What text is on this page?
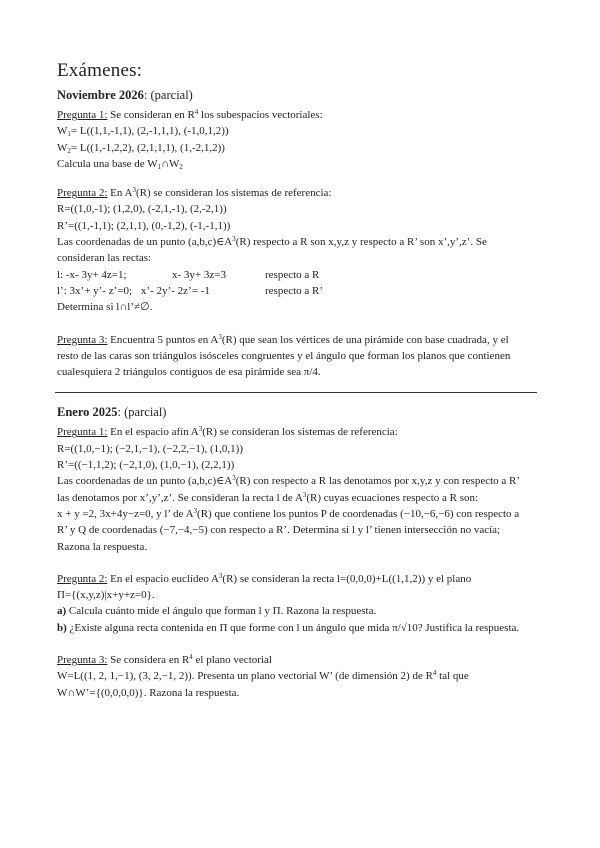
Exámenes:

Noviembre 2026: (parcial)

Pregunta 1: Se consideran en $R^4$ los subespacios vectoriales:

$W_1= L((1,1,-1,1)$, (2,-1,1,1), (-1,0,1,2))

$W_2= L((1,-1,2,2)$, (2,1,1,1), (1,-2,1,2))

Calcula una base de $W_1\cap W_2$

Pregunta 2: En $A^3(R)$ se consideran los sistemas de referencia:

R=((1,0,-1); (1,2,0), (-2,1,-1), (2,-2,1))

R’=((1,-1,1); (2,1,1), (0,-1,2), (-1,-1,1))

Las coordenadas de un punto $(a,b,c)\in A^3(R)$ respecto a R son x,y,z y respecto a R’ son x’,y’,z’. Se

consideran las rectas:

l: -x- 3y+ 4z=1;	x- 3y+ 3z=3	respecto a R

l’: 3x’+ y’- z’=0; x’- 2y’- 2z’= -1	respecto a R’

Determina si l∩l’≠∅.

Pregunta 3: Encuentra 5 puntos en $A^3(R)$ que sean los vértices de una pirámide con base cuadrada, y el

resto de las caras son triángulos isósceles congruentes y el ángulo que forman los planos que contienen

cualesquiera 2 triángulos contiguos de esa pirámide sea π/4.

Enero 2025: (parcial)

Pregunta 1: En el espacio afín $A^3(R)$ se consideran los sistemas de referencia:

R=((1,0,−1); (−2,1,−1), (−2,2,−1), (1,0,1))

R’=((−1,1,2); (−2,1,0), (1,0,−1), (2,2,1))

Las coordenadas de un punto $(a,b,c)\in A^3(R)$ con respecto a R las denotamos por x,y,z y con respecto a R’

las denotamos por x’,y’,z’. Se consideran la recta l de $A^3(R)$ cuyas ecuaciones respecto a R son:

x + y =2, 3x+4y−z=0, y l’ de $A^3(R)$ que contiene los puntos P de coordenadas (−10,−6,−6) con respecto a

R’ y Q de coordenadas (−7,−4,−5) con respecto a R’. Determina si l y l’ tienen intersección no vacía;

Razona la respuesta.

Pregunta 2: En el espacio euclídeo $A^3(R)$ se consideran la recta l=(0,0,0)+L((1,1,2)) y el plano

Π={(x,y,z)|x+y+z=0}.

a) Calcula cuánto mide el ángulo que forman l y Π. Razona la respuesta.

b) ¿Existe alguna recta contenida en Π que forme con l un ángulo que mida π/√10? Justifica la respuesta.

Pregunta 3: Se considera en $R^4$ el plano vectorial

W=L((1, 2, 1,−1), (3, 2,−1, 2)). Presenta un plano vectorial W’ (de dimensión 2) de $R^4$ tal que

W∩W’={(0,0,0,0)}. Razona la respuesta.
